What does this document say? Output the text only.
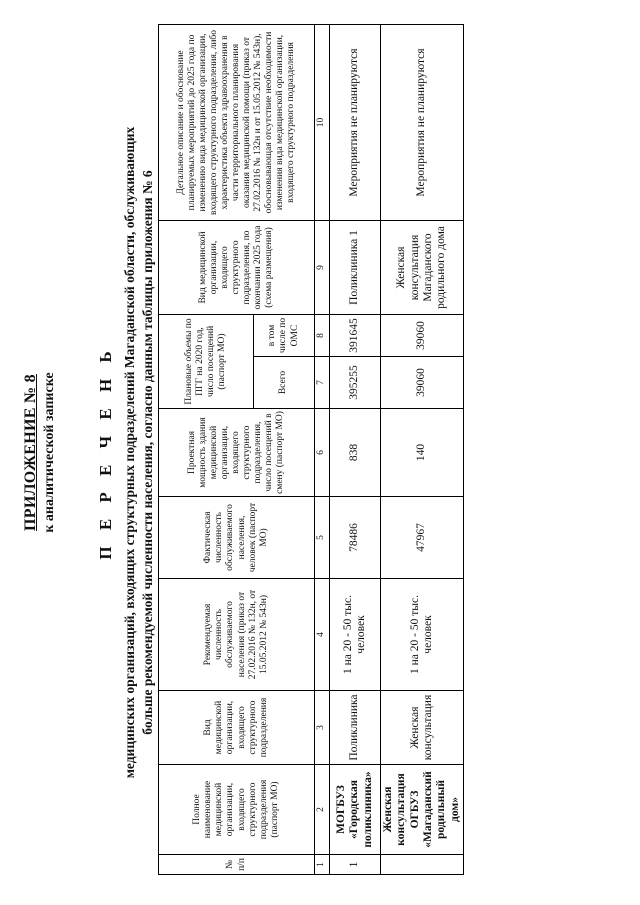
ПРИЛОЖЕНИЕ № 8 к аналитической записке П Е Р Е Ч Е Н Ь медицинских организаций, входящих структурных подразделений Магаданской области, обслуживающих больше рекомендуемой численности населения, согласно данным таблицы приложения № 6
№ п/п	Полное наименование медицинской организации, входящего структурного подразделения (паспорт МО)	Вид медицинской организации, входящего структурного подразделения	Рекомендуемая численность обслуживаемого населения (приказ от 27.02.2016 № 132н, от 15.05.2012 № 543н)	Фактическая численность обслуживаемого населения, человек (паспорт МО)	Проектная мощность здания медицинской организации, входящего структурного подразделения, число посещений в смену (паспорт МО)	Плановые объемы по ПГГ на 2020 год, число посещений (паспорт МО)		Вид медицинской организации, входящего структурного подразделения, по окончании 2025 года (схема размещения)	Детальное описание и обоснование планируемых мероприятий до 2025 года по изменению вида медицинской организации, входящего структурного подразделения, либо характеристика объекта здравоохранения в части территориального планирования оказания медицинской помощи (приказ от 27.02.2016 № 132н и от 15.05.2012 № 543н), обосновывающая отсутствие необходимости изменения вида медицинской организации, входящего структурного подразделения
						Всего	в том числе по ОМС		
1	2	3	4	5	6	7	8	9	10
1	МОГБУЗ «Городская поликлиника»	Поликлиника	1 на 20 - 50 тыс. человек	78486	838	395255	391645	Поликлиника 1	Мероприятия не планируются
	Женская консультация ОГБУЗ «Магаданский родильный дом»	Женская консультация	1 на 20 - 50 тыс. человек	47967	140	39060	39060	Женская консультация Магаданского родильного дома	Мероприятия не планируются
